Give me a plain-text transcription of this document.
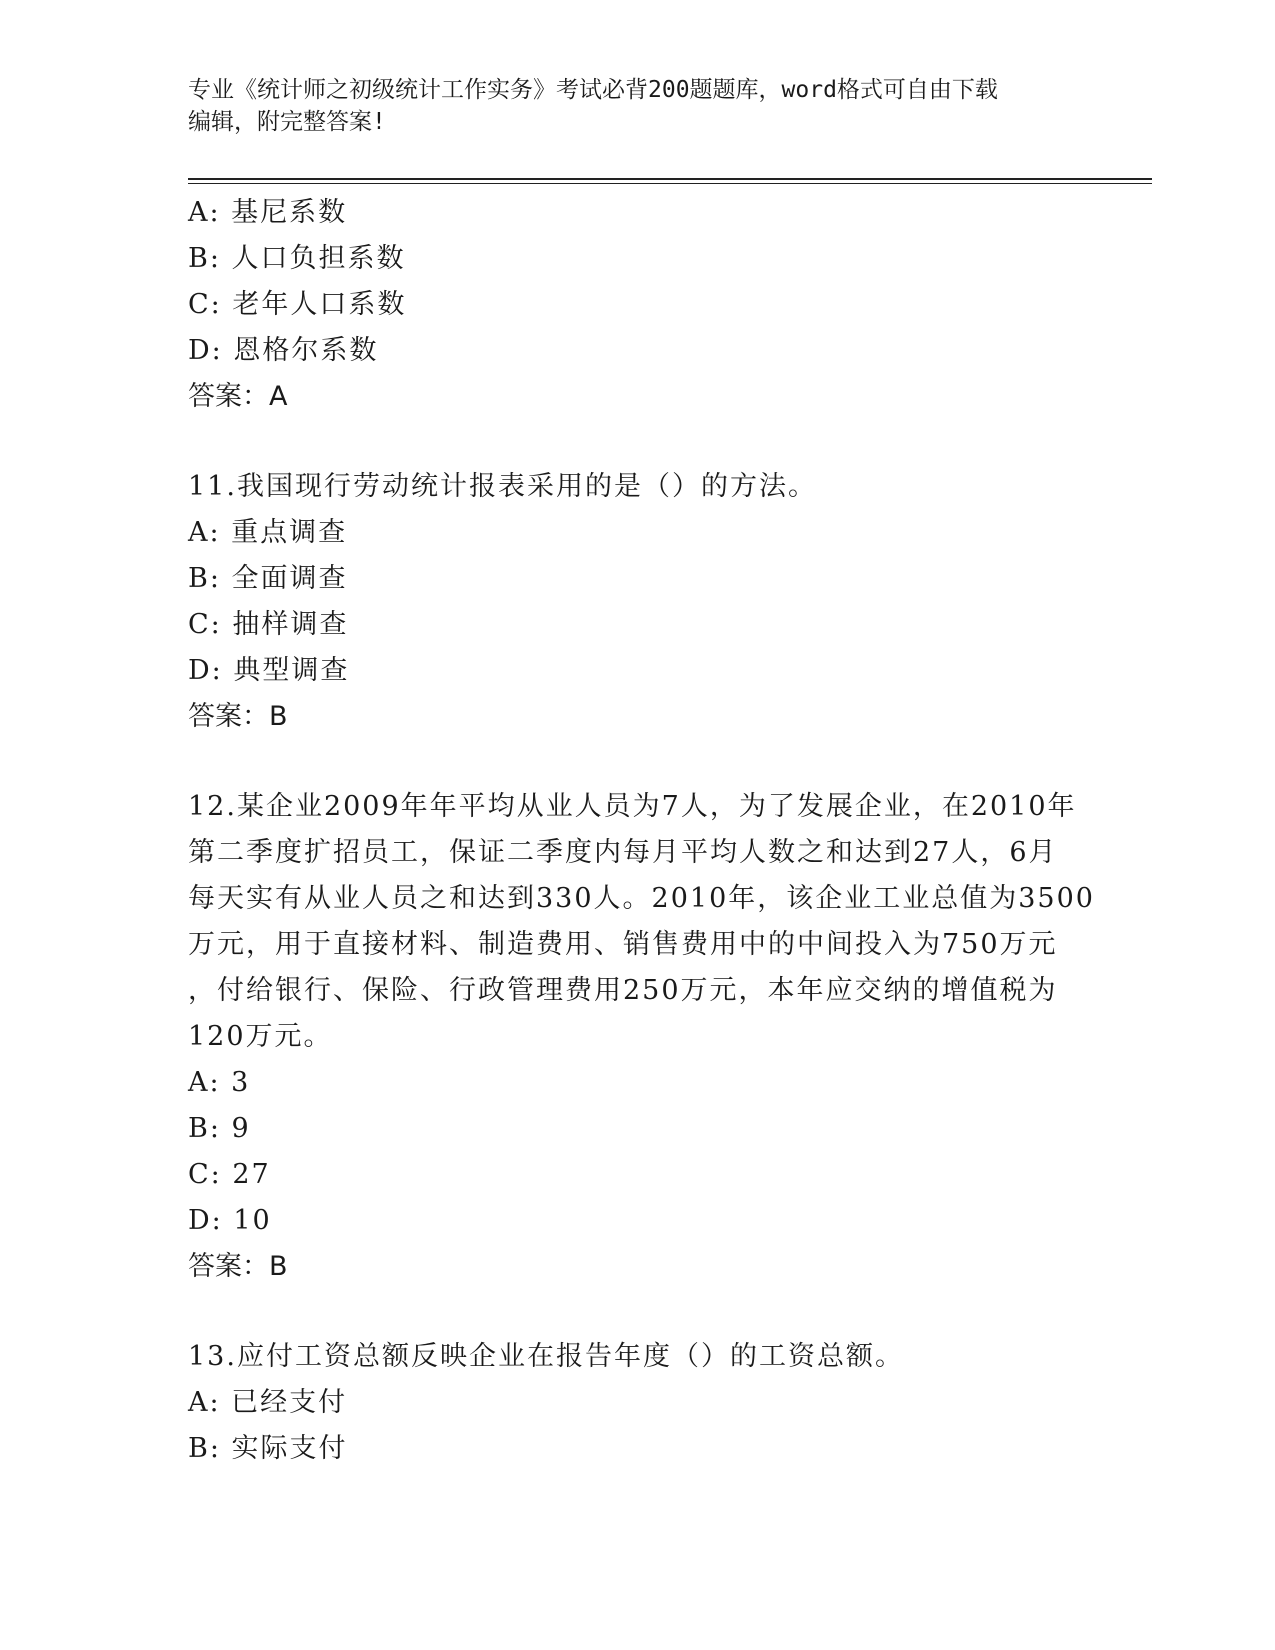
专业《统计师之初级统计工作实务》考试必背200题题库，word格式可自由下载
编辑，附完整答案!
A: 基尼系数
B: 人口负担系数
C: 老年人口系数
D: 恩格尔系数
答案：A
11.我国现行劳动统计报表采用的是（）的方法。
A: 重点调查
B: 全面调查
C: 抽样调查
D: 典型调查
答案：B
12.某企业2009年年平均从业人员为7人，为了发展企业，在2010年
第二季度扩招员工，保证二季度内每月平均人数之和达到27人，6月
每天实有从业人员之和达到330人。2010年，该企业工业总值为3500
万元，用于直接材料、制造费用、销售费用中的中间投入为750万元
，付给银行、保险、行政管理费用250万元，本年应交纳的增值税为
120万元。
A: 3
B: 9
C: 27
D: 10
答案：B
13.应付工资总额反映企业在报告年度（）的工资总额。
A: 已经支付
B: 实际支付
